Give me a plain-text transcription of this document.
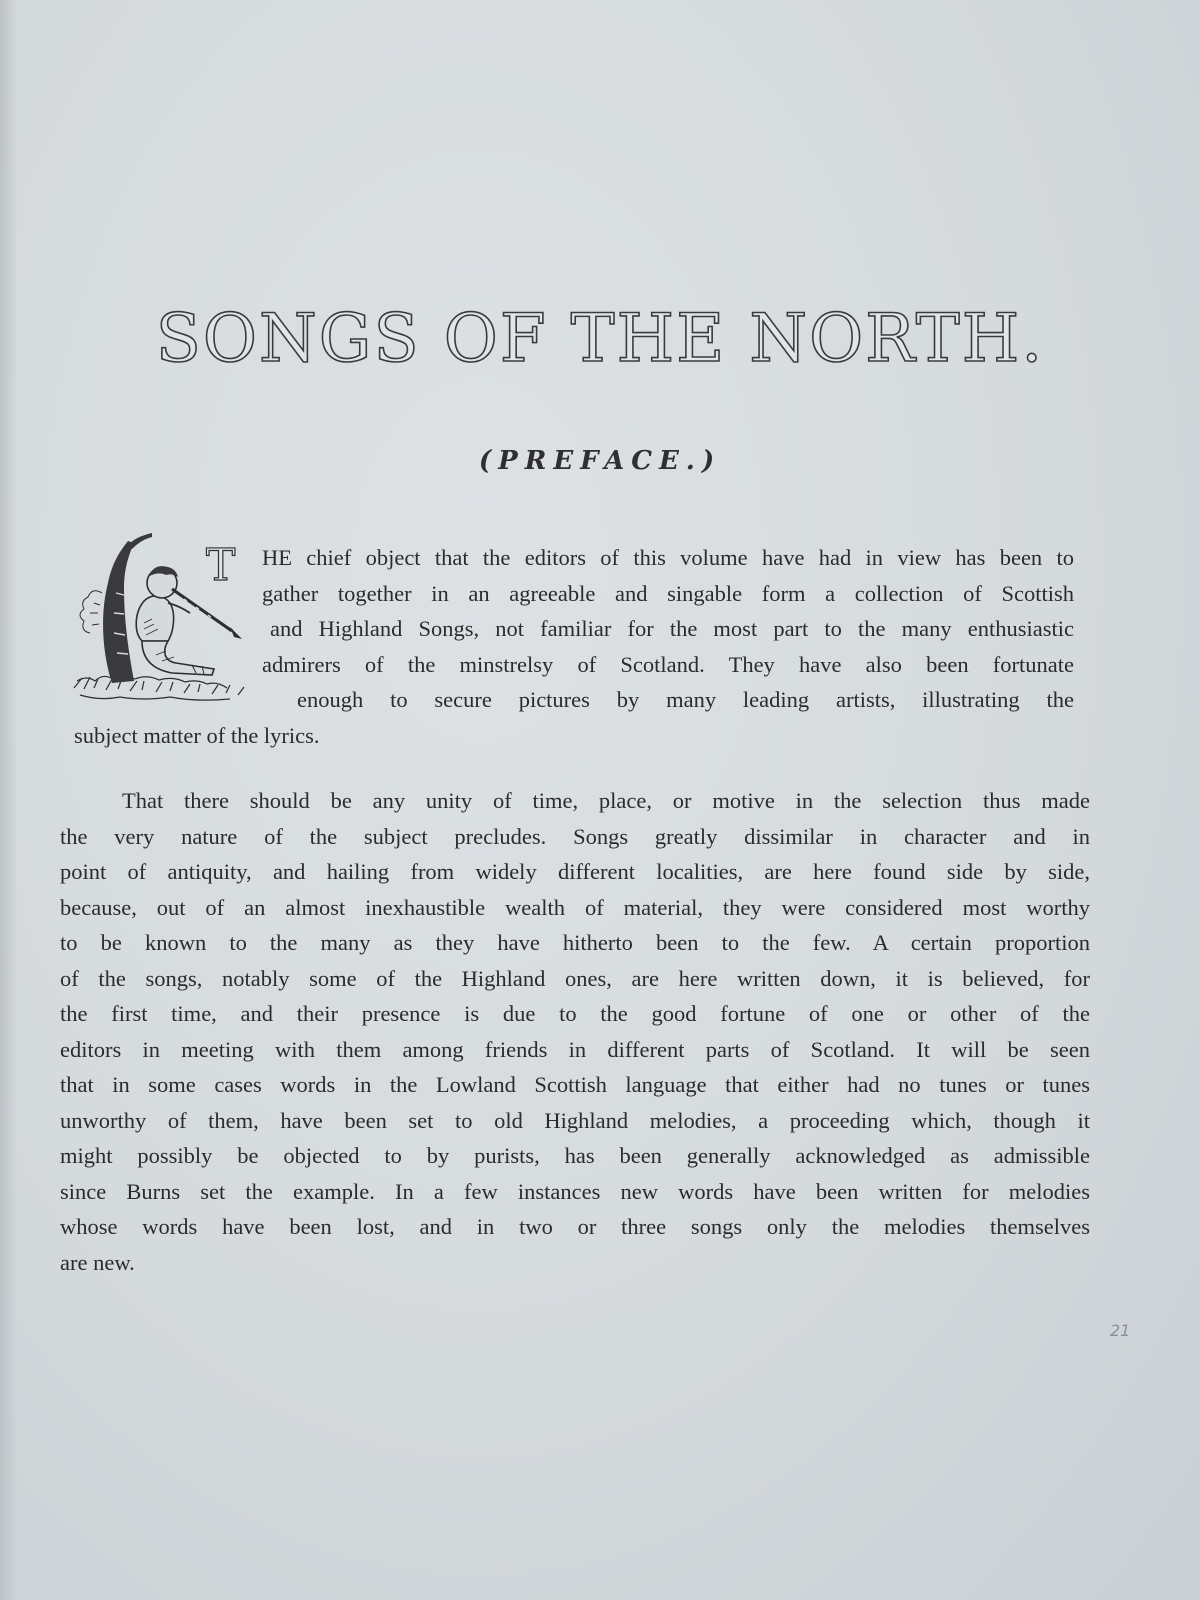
SONGS OF THE NORTH.
(PREFACE.)
T HE chief object that the editors of this volume have had in view has been to
gather together in an agreeable and singable form a collection of Scottish
and Highland Songs, not familiar for the most part to the many enthusiastic
admirers of the minstrelsy of Scotland. They have also been fortunate
enough to secure pictures by many leading artists, illustrating the
subject matter of the lyrics.

That there should be any unity of time, place, or motive in the selection thus made
the very nature of the subject precludes. Songs greatly dissimilar in character and in
point of antiquity, and hailing from widely different localities, are here found side by side,
because, out of an almost inexhaustible wealth of material, they were considered most worthy
to be known to the many as they have hitherto been to the few. A certain proportion
of the songs, notably some of the Highland ones, are here written down, it is believed, for
the first time, and their presence is due to the good fortune of one or other of the
editors in meeting with them among friends in different parts of Scotland. It will be seen
that in some cases words in the Lowland Scottish language that either had no tunes or tunes
unworthy of them, have been set to old Highland melodies, a proceeding which, though it
might possibly be objected to by purists, has been generally acknowledged as admissible
since Burns set the example. In a few instances new words have been written for melodies
whose words have been lost, and in two or three songs only the melodies themselves
are new.

21
